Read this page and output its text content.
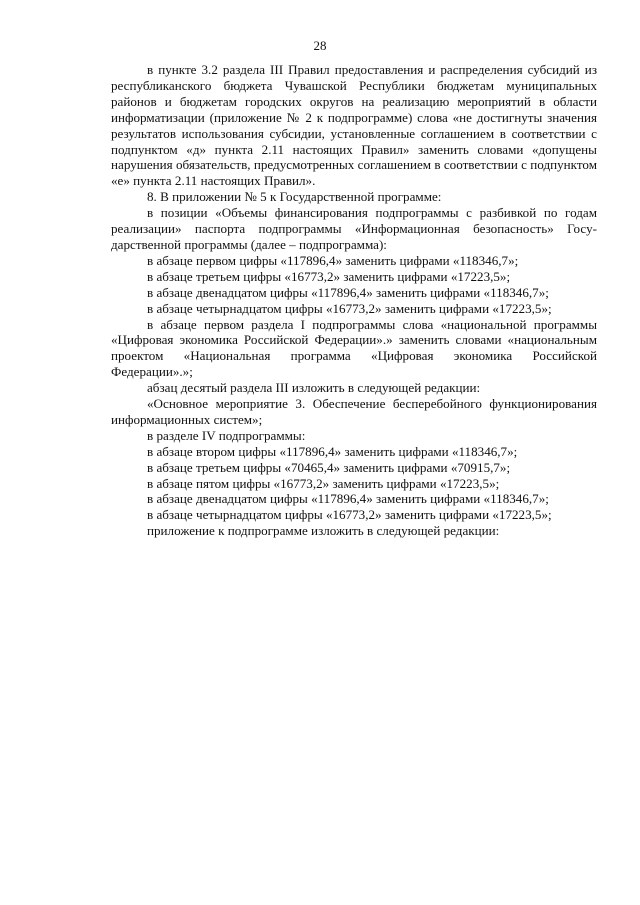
28

в пункте 3.2 раздела III Правил предоставления и распределения субсидий из республиканского бюджета Чувашской Республики бюджетам муниципальных районов и бюджетам городских округов на реализацию мероприятий в области информатизации (приложение № 2 к подпрограмме) слова «не достигнуты значения результатов использования субсидии, установленные соглашением в соответствии с подпунктом «д» пункта 2.11 настоящих Правил» заменить словами «допущены нарушения обязательств, предусмотренных соглашением в соответствии с подпунктом «е» пункта 2.11 настоящих Правил».

8. В приложении № 5 к Государственной программе:

в позиции «Объемы финансирования подпрограммы с разбивкой по годам реализации» паспорта подпрограммы «Информационная безопасность» Государственной программы (далее – подпрограмма):

в абзаце первом цифры «117896,4» заменить цифрами «118346,7»;

в абзаце третьем цифры «16773,2» заменить цифрами «17223,5»;

в абзаце двенадцатом цифры «117896,4» заменить цифрами «118346,7»;

в абзаце четырнадцатом цифры «16773,2» заменить цифрами «17223,5»;

в абзаце первом раздела I подпрограммы слова «национальной программы «Цифровая экономика Российской Федерации».» заменить словами «национальным проектом «Национальная программа «Цифровая экономика Российской Федерации».»;

абзац десятый раздела III изложить в следующей редакции:

«Основное мероприятие 3. Обеспечение бесперебойного функционирования информационных систем»;

в разделе IV подпрограммы:

в абзаце втором цифры «117896,4» заменить цифрами «118346,7»;

в абзаце третьем цифры «70465,4» заменить цифрами «70915,7»;

в абзаце пятом цифры «16773,2» заменить цифрами «17223,5»;

в абзаце двенадцатом цифры «117896,4» заменить цифрами «118346,7»;

в абзаце четырнадцатом цифры «16773,2» заменить цифрами «17223,5»;

приложение к подпрограмме изложить в следующей редакции:
